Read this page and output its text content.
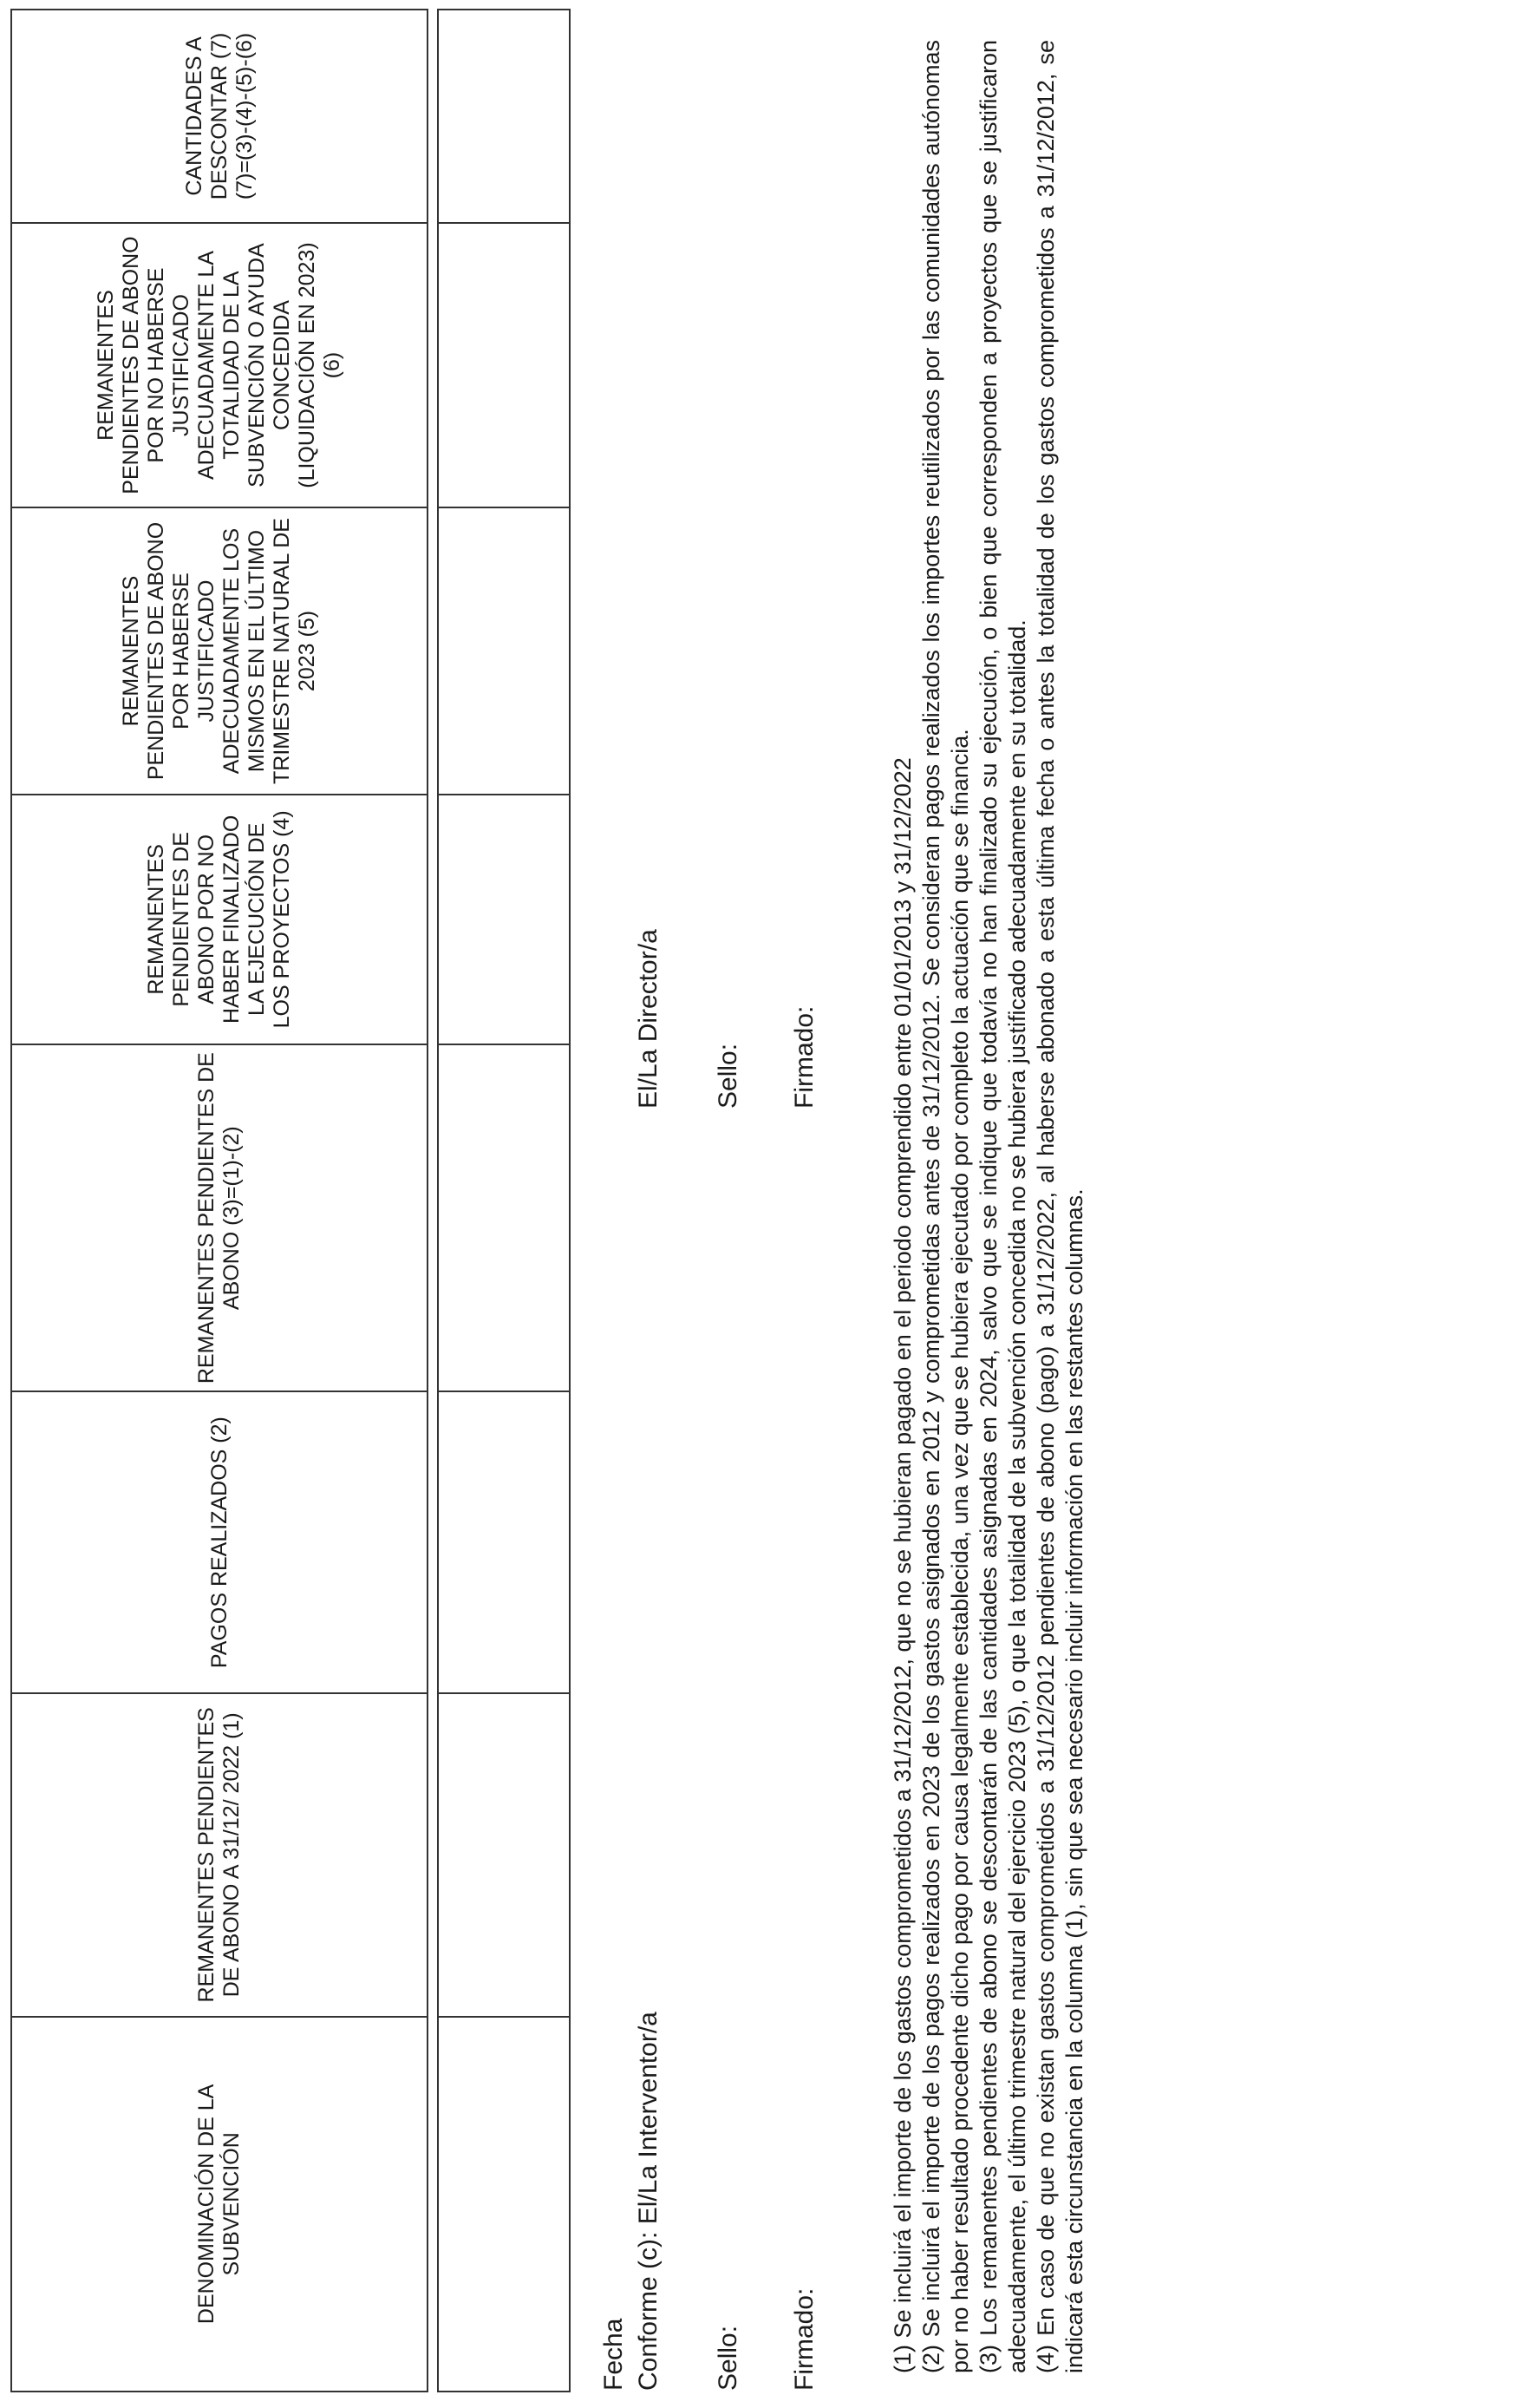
DENOMINACIÓN DE LA SUBVENCIÓN	REMANENTES PENDIENTES DE ABONO A 31/12/ 2022 (1)	PAGOS REALIZADOS (2)	REMANENTES PENDIENTES DE ABONO (3)=(1)-(2)	REMANENTES PENDIENTES DE ABONO POR NO HABER FINALIZADO LA EJECUCIÓN DE LOS PROYECTOS (4)	REMANENTES PENDIENTES DE ABONO POR HABERSE JUSTIFICADO ADECUADAMENTE LOS MISMOS EN EL ÚLTIMO TRIMESTRE NATURAL DE 2023 (5)	REMANENTES PENDIENTES DE ABONO POR NO HABERSE JUSTIFICADO ADECUADAMENTE LA TOTALIDAD DE LA SUBVENCIÓN O AYUDA CONCEDIDA (LIQUIDACIÓN EN 2023) (6)	CANTIDADES A DESCONTAR (7) (7)=(3)-(4)-(5)-(6)

Fecha Conforme (c): El/La Interventor/a Sello: Firmado:
El/La Director/a Sello: Firmado:	(1) Se incluirá el importe de los gastos comprometidos a 31/12/2012, que no se hubieran pagado en el periodo comprendido entre 01/01/2013 y 31/12/2022 (2) Se incluirá el importe de los pagos realizados en 2023 de los gastos asignados en 2012 y comprometidas antes de 31/12/2012. Se consideran pagos realizados los importes reutilizados por las comunidades autónomas por no haber resultado procedente dicho pago por causa legalmente establecida, una vez que se hubiera ejecutado por completo la actuación que se financia. (3) Los remanentes pendientes de abono se descontarán de las cantidades asignadas en 2024, salvo que se indique que todavía no han finalizado su ejecución, o bien que corresponden a proyectos que se justificaron adecuadamente, el último trimestre natural del ejercicio 2023 (5), o que la totalidad de la subvención concedida no se hubiera justificado adecuadamente en su totalidad. (4) En caso de que no existan gastos comprometidos a 31/12/2012 pendientes de abono (pago) a 31/12/2022, al haberse abonado a esta última fecha o antes la totalidad de los gastos comprometidos a 31/12/2012, se indicará esta circunstancia en la columna (1), sin que sea necesario incluir información en las restantes columnas.
